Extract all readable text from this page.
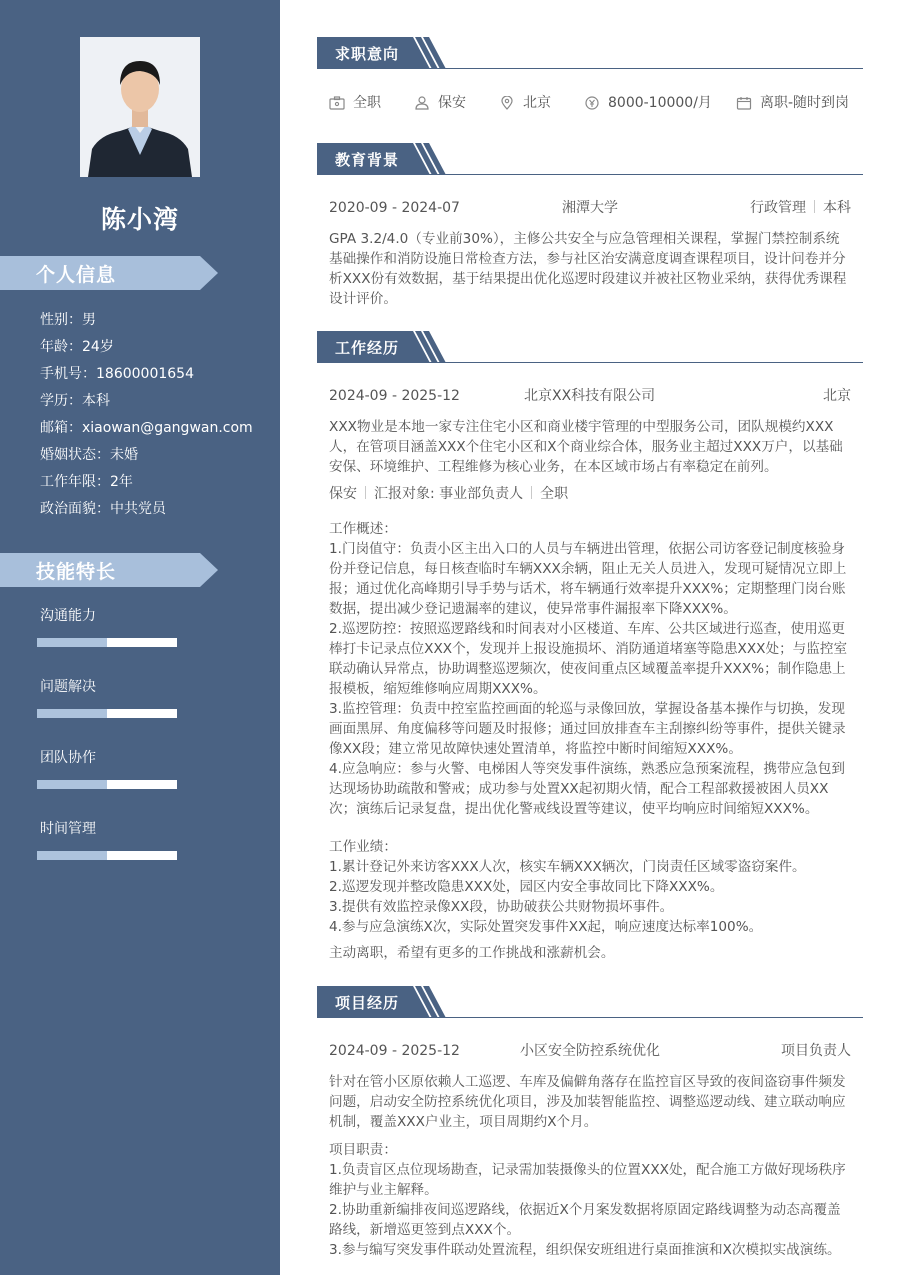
陈小湾
个人信息
性别：男
年龄：24岁
手机号：18600001654
学历：本科
邮箱：xiaowan@gangwan.com
婚姻状态：未婚
工作年限：2年
政治面貌：中共党员
技能特长
沟通能力
问题解决
团队协作
时间管理
求职意向
全职	保安	北京	8000-10000/月	离职-随时到岗
教育背景
2020-09 - 2024-07	湘潭大学	行政管理 本科

GPA 3.2/4.0（专业前30%），主修公共安全与应急管理相关课程，掌握门禁控制系统基础操作和消防设施日常检查方法，参与社区治安满意度调查课程项目，设计问卷并分析XXX份有效数据，基于结果提出优化巡逻时段建议并被社区物业采纳，获得优秀课程设计评价。

工作经历
2024-09 - 2025-12	北京XX科技有限公司	北京

XXX物业是本地一家专注住宅小区和商业楼宇管理的中型服务公司，团队规模约XXX人，在管项目涵盖XXX个住宅小区和X个商业综合体，服务业主超过XXX万户，以基础安保、环境维护、工程维修为核心业务，在本区域市场占有率稳定在前列。

保安 汇报对象: 事业部负责人 全职

工作概述：

1.门岗值守：负责小区主出入口的人员与车辆进出管理，依据公司访客登记制度核验身份并登记信息，每日核查临时车辆XXX余辆，阻止无关人员进入，发现可疑情况立即上报；通过优化高峰期引导手势与话术，将车辆通行效率提升XXX%；定期整理门岗台账数据，提出减少登记遗漏率的建议，使异常事件漏报率下降XXX%。

2.巡逻防控：按照巡逻路线和时间表对小区楼道、车库、公共区域进行巡查，使用巡更棒打卡记录点位XXX个，发现并上报设施损坏、消防通道堵塞等隐患XXX处；与监控室联动确认异常点，协助调整巡逻频次，使夜间重点区域覆盖率提升XXX%；制作隐患上报模板，缩短维修响应周期XXX%。

3.监控管理：负责中控室监控画面的轮巡与录像回放，掌握设备基本操作与切换，发现画面黑屏、角度偏移等问题及时报修；通过回放排查车主刮擦纠纷等事件，提供关键录像XX段；建立常见故障快速处置清单，将监控中断时间缩短XXX%。

4.应急响应：参与火警、电梯困人等突发事件演练，熟悉应急预案流程，携带应急包到达现场协助疏散和警戒；成功参与处置XX起初期火情，配合工程部救援被困人员XX次；演练后记录复盘，提出优化警戒线设置等建议，使平均响应时间缩短XXX%。

工作业绩：

1.累计登记外来访客XXX人次，核实车辆XXX辆次，门岗责任区域零盗窃案件。

2.巡逻发现并整改隐患XXX处，园区内安全事故同比下降XXX%。

3.提供有效监控录像XX段，协助破获公共财物损坏事件。

4.参与应急演练X次，实际处置突发事件XX起，响应速度达标率100%。

主动离职，希望有更多的工作挑战和涨薪机会。

项目经历
2024-09 - 2025-12	小区安全防控系统优化	项目负责人

针对在管小区原依赖人工巡逻、车库及偏僻角落存在监控盲区导致的夜间盗窃事件频发问题，启动安全防控系统优化项目，涉及加装智能监控、调整巡逻动线、建立联动响应机制，覆盖XXX户业主，项目周期约X个月。

项目职责：

1.负责盲区点位现场勘查，记录需加装摄像头的位置XXX处，配合施工方做好现场秩序维护与业主解释。

2.协助重新编排夜间巡逻路线，依据近X个月案发数据将原固定路线调整为动态高覆盖路线，新增巡更签到点XXX个。

3.参与编写突发事件联动处置流程，组织保安班组进行桌面推演和X次模拟实战演练。
